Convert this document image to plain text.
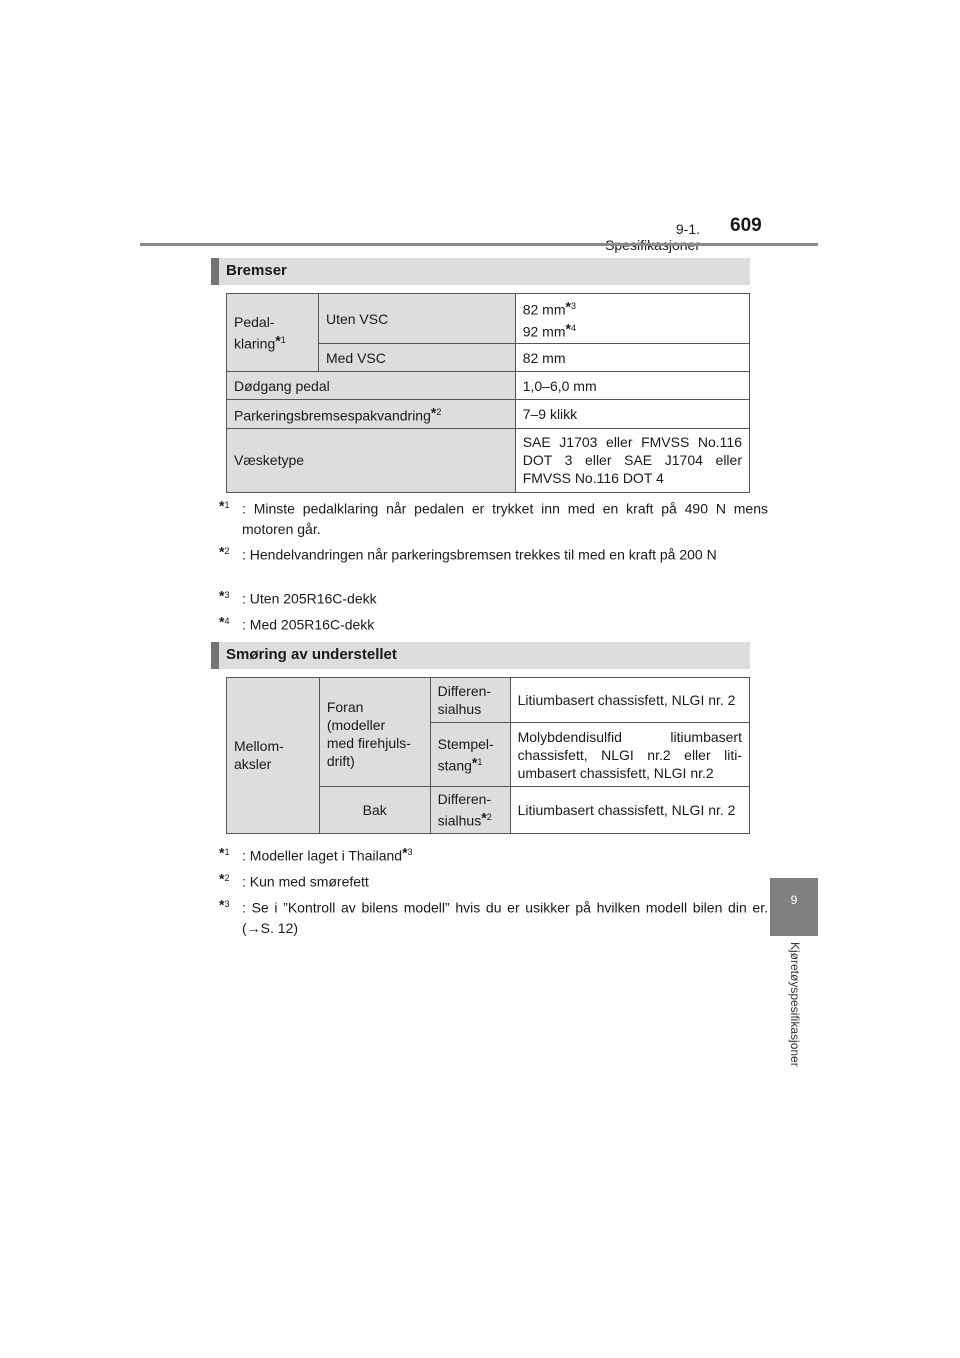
9-1. 609
9
Kjøretøyspesifikasjoner
Bremser
Pedal-
klaring*$^1$	Uten VSC	82 mm*$^3$
92 mm*$^4$
	Med VSC	82 mm
Dødgang pedal		1,0–6,0 mm
Parkeringsbremsespakvandring*$^2$		7–9 klikk
Væsketype		SAE J1703 eller FMVSS No.116 DOT 3 eller SAE J1704 eller FMVSS No.116 DOT 4
*$^1$ : Minste pedalklaring når pedalen er trykket inn med en kraft på 490 N mens motoren går.
*$^2$ : Hendelvandringen når parkeringsbremsen trekkes til med en kraft på 200 N
*$^3$ : Uten 205R16C-dekk
*$^4$ : Med 205R16C-dekk
Smøring av understellet
Mellom-
aksler	Foran
(modeller
med firehjuls-
drift)	Differen-
sialhus	Litiumbasert chassisfett, NLGI nr. 2
		Stempel-
stang*$^1$	Molybdendisulfid litiumbasert chassisfett, NLGI nr.2 eller liti-umbasert chassisfett, NLGI nr.2
	Bak	Differen-
sialhus*$^2$	Litiumbasert chassisfett, NLGI nr. 2
*$^1$ : Modeller laget i Thailand*$^3$
*$^2$ : Kun med smørefett
*$^3$ : Se i ”Kontroll av bilens modell” hvis du er usikker på hvilken modell bilen din er. (→S. 12)
